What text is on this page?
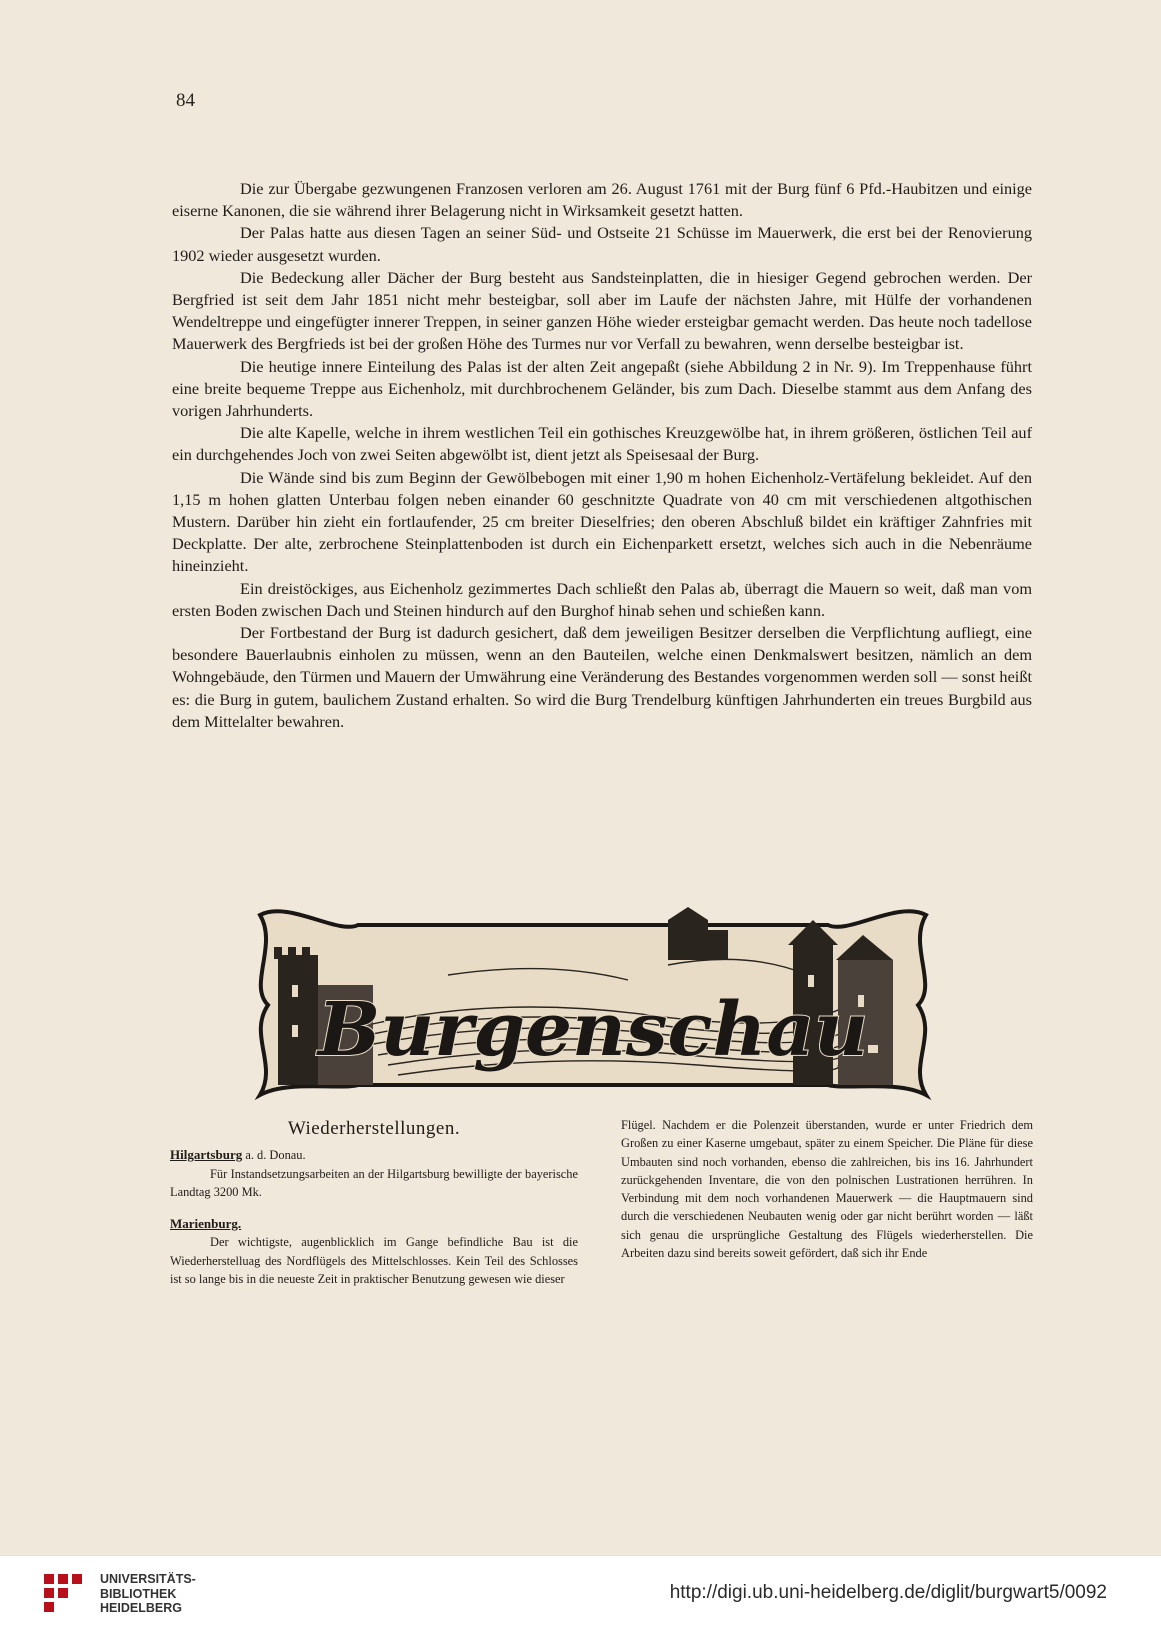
84

Die zur Übergabe gezwungenen Franzosen verloren am 26. August 1761 mit der Burg fünf 6 Pfd.-Haubitzen und einige eiserne Kanonen, die sie während ihrer Belagerung nicht in Wirksamkeit gesetzt hatten.

Der Palas hatte aus diesen Tagen an seiner Süd- und Ostseite 21 Schüsse im Mauerwerk, die erst bei der Renovierung 1902 wieder ausgesetzt wurden.

Die Bedeckung aller Dächer der Burg besteht aus Sandsteinplatten, die in hiesiger Gegend gebrochen werden. Der Bergfried ist seit dem Jahr 1851 nicht mehr besteigbar, soll aber im Laufe der nächsten Jahre, mit Hülfe der vorhandenen Wendeltreppe und eingefügter innerer Treppen, in seiner ganzen Höhe wieder ersteigbar gemacht werden. Das heute noch tadellose Mauerwerk des Bergfrieds ist bei der großen Höhe des Turmes nur vor Verfall zu bewahren, wenn derselbe besteigbar ist.

Die heutige innere Einteilung des Palas ist der alten Zeit angepaßt (siehe Abbildung 2 in Nr. 9). Im Treppenhause führt eine breite bequeme Treppe aus Eichenholz, mit durchbrochenem Geländer, bis zum Dach. Dieselbe stammt aus dem Anfang des vorigen Jahrhunderts.

Die alte Kapelle, welche in ihrem westlichen Teil ein gothisches Kreuzgewölbe hat, in ihrem größeren, östlichen Teil auf ein durchgehendes Joch von zwei Seiten abgewölbt ist, dient jetzt als Speisesaal der Burg.

Die Wände sind bis zum Beginn der Gewölbebogen mit einer 1,90 m hohen Eichenholz-Vertäfelung bekleidet. Auf den 1,15 m hohen glatten Unterbau folgen neben einander 60 geschnitzte Quadrate von 40 cm mit verschiedenen altgothischen Mustern. Darüber hin zieht ein fortlaufender, 25 cm breiter Dieselfries; den oberen Abschluß bildet ein kräftiger Zahnfries mit Deckplatte. Der alte, zerbrochene Steinplattenboden ist durch ein Eichenparkett ersetzt, welches sich auch in die Nebenräume hineinzieht.

Ein dreistöckiges, aus Eichenholz gezimmertes Dach schließt den Palas ab, überragt die Mauern so weit, daß man vom ersten Boden zwischen Dach und Steinen hindurch auf den Burghof hinab sehen und schießen kann.

Der Fortbestand der Burg ist dadurch gesichert, daß dem jeweiligen Besitzer derselben die Verpflichtung aufliegt, eine besondere Bauerlaubnis einholen zu müssen, wenn an den Bauteilen, welche einen Denkmalswert besitzen, nämlich an dem Wohngebäude, den Türmen und Mauern der Umwährung eine Veränderung des Bestandes vorgenommen werden soll — sonst heißt es: die Burg in gutem, baulichem Zustand erhalten. So wird die Burg Trendelburg künftigen Jahrhunderten ein treues Burgbild aus dem Mittelalter bewahren.

Burgenschau
Wiederherstellungen.

Hilgartsburg a. d. Donau.

Für Instandsetzungsarbeiten an der Hilgartsburg bewilligte der bayerische Landtag 3200 Mk.

Marienburg.

Der wichtigste, augenblicklich im Gange befindliche Bau ist die Wiederherstelluag des Nordflügels des Mittelschlosses. Kein Teil des Schlosses ist so lange bis in die neueste Zeit in praktischer Benutzung gewesen wie dieser

Flügel. Nachdem er die Polenzeit überstanden, wurde er unter Friedrich dem Großen zu einer Kaserne umgebaut, später zu einem Speicher. Die Pläne für diese Umbauten sind noch vorhanden, ebenso die zahlreichen, bis ins 16. Jahrhundert zurückgehenden Inventare, die von den polnischen Lustrationen herrühren. In Verbindung mit dem noch vorhandenen Mauerwerk — die Hauptmauern sind durch die verschiedenen Neubauten wenig oder gar nicht berührt worden — läßt sich genau die ursprüngliche Gestaltung des Flügels wiederherstellen. Die Arbeiten dazu sind bereits soweit gefördert, daß sich ihr Ende

UNIVERSITÄTS-
BIBLIOTHEK
HEIDELBERG
http://digi.ub.uni-heidelberg.de/diglit/burgwart5/0092
